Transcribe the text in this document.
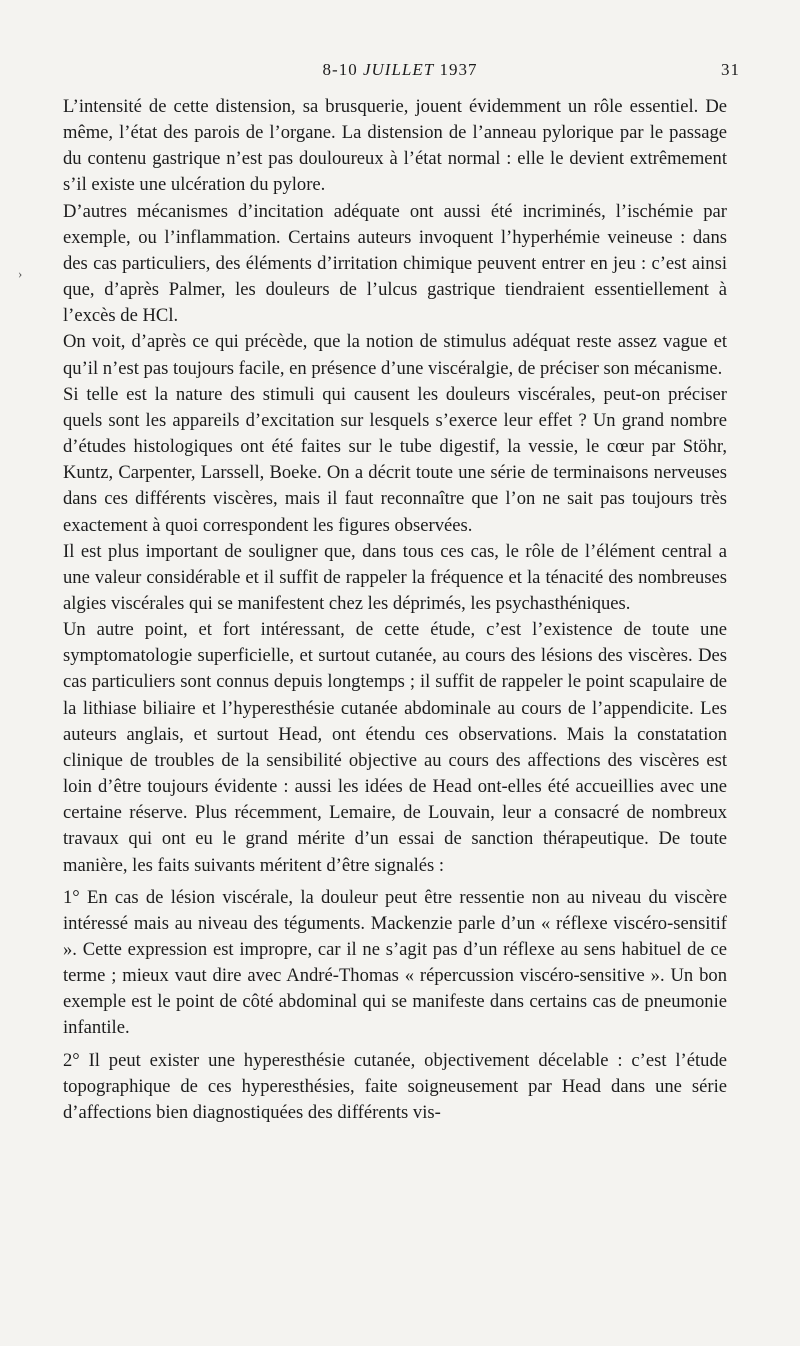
8-10 JUILLET 1937	31
›

L’intensité de cette distension, sa brusquerie, jouent évidemment un rôle essentiel. De même, l’état des parois de l’organe. La distension de l’anneau pylorique par le passage du contenu gastrique n’est pas douloureux à l’état normal : elle le devient extrêmement s’il existe une ulcération du pylore.

D’autres mécanismes d’incitation adéquate ont aussi été incriminés, l’ischémie par exemple, ou l’inflammation. Certains auteurs invoquent l’hyperhémie veineuse : dans des cas particuliers, des éléments d’irritation chimique peuvent entrer en jeu : c’est ainsi que, d’après Palmer, les douleurs de l’ulcus gastrique tiendraient essentiellement à l’excès de HCl.

On voit, d’après ce qui précède, que la notion de stimulus adéquat reste assez vague et qu’il n’est pas toujours facile, en présence d’une viscéralgie, de préciser son mécanisme.

Si telle est la nature des stimuli qui causent les douleurs viscérales, peut-on préciser quels sont les appareils d’excitation sur lesquels s’exerce leur effet ? Un grand nombre d’études histologiques ont été faites sur le tube digestif, la vessie, le cœur par Stöhr, Kuntz, Carpenter, Larssell, Boeke. On a décrit toute une série de terminaisons nerveuses dans ces différents viscères, mais il faut reconnaître que l’on ne sait pas toujours très exactement à quoi correspondent les figures observées.

Il est plus important de souligner que, dans tous ces cas, le rôle de l’élément central a une valeur considérable et il suffit de rappeler la fréquence et la ténacité des nombreuses algies viscérales qui se manifestent chez les déprimés, les psychasthéniques.

Un autre point, et fort intéressant, de cette étude, c’est l’existence de toute une symptomatologie superficielle, et surtout cutanée, au cours des lésions des viscères. Des cas particuliers sont connus depuis longtemps ; il suffit de rappeler le point scapulaire de la lithiase biliaire et l’hyperesthésie cutanée abdominale au cours de l’appendicite. Les auteurs anglais, et surtout Head, ont étendu ces observations. Mais la constatation clinique de troubles de la sensibilité objective au cours des affections des viscères est loin d’être toujours évidente : aussi les idées de Head ont-elles été accueillies avec une certaine réserve. Plus récemment, Lemaire, de Louvain, leur a consacré de nombreux travaux qui ont eu le grand mérite d’un essai de sanction thérapeutique. De toute manière, les faits suivants méritent d’être signalés :

1° En cas de lésion viscérale, la douleur peut être ressentie non au niveau du viscère intéressé mais au niveau des téguments. Mackenzie parle d’un « réflexe viscéro-sensitif ». Cette expression est impropre, car il ne s’agit pas d’un réflexe au sens habituel de ce terme ; mieux vaut dire avec André-Thomas « répercussion viscéro-sensitive ». Un bon exemple est le point de côté abdominal qui se manifeste dans certains cas de pneumonie infantile.

2° Il peut exister une hyperesthésie cutanée, objectivement décelable : c’est l’étude topographique de ces hyperesthésies, faite soigneusement par Head dans une série d’affections bien diagnostiquées des différents vis-
